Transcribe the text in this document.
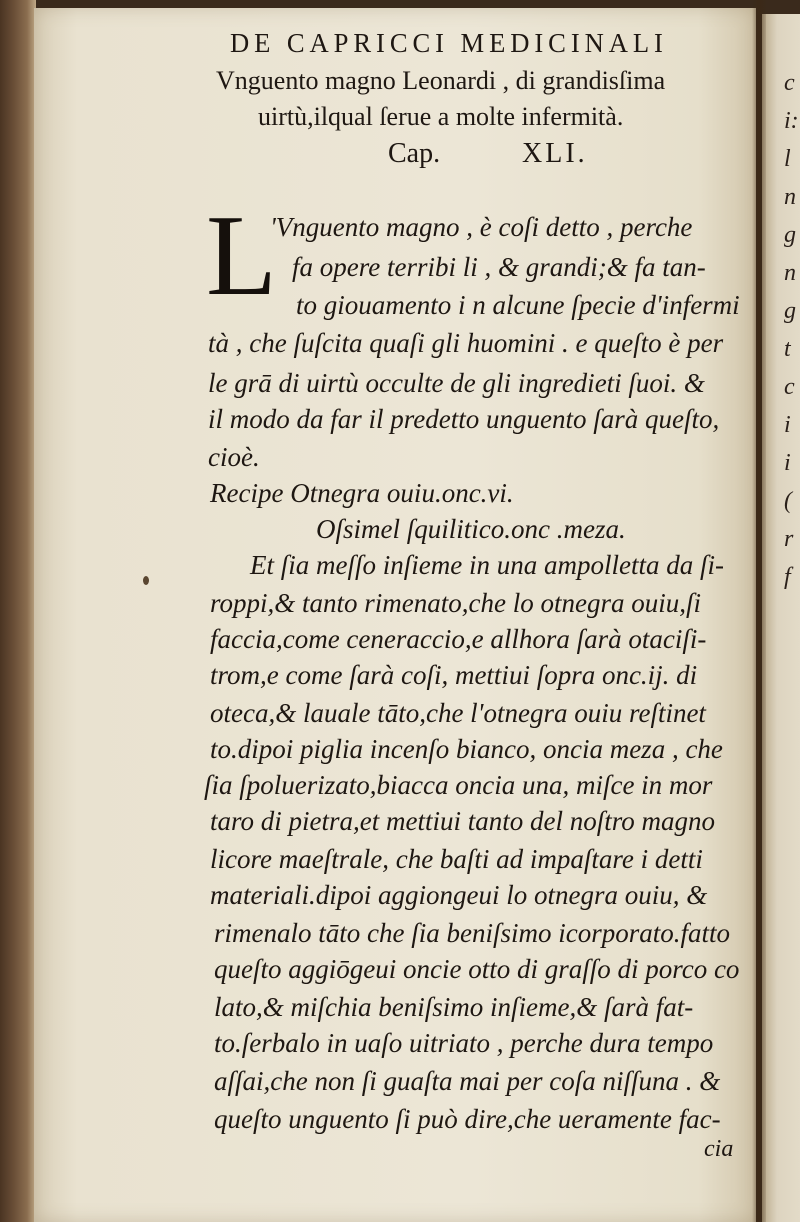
DE CAPRICCI MEDICINALI
Vnguento magno Leonardi , di grandisſima
uirtù,ilqual ſerue a molte infermità.
Cap.	XLI.
L
'Vnguento magno , è coſi detto , perche
fa opere terribi li , & grandi;& fa tan-
to giouamento i n alcune ſpecie d'infermi
tà , che ſuſcita quaſi gli huomini . e queſto è per
le grā di uirtù occulte de gli ingredieti ſuoi. &
il modo da far il predetto unguento ſarà queſto,
cioè.
Recipe Otnegra ouiu.onc.vi.
Oſsimel ſquilitico.onc .meza.
Et ſia meſſo inſieme in una ampolletta da ſi-
roppi,& tanto rimenato,che lo otnegra ouiu,ſi
faccia,come ceneraccio,e allhora ſarà otaciſi-
trom,e come ſarà coſi, mettiui ſopra onc.ij. di
oteca,& lauale tāto,che l'otnegra ouiu reſtinet
to.dipoi piglia incenſo bianco, oncia meza , che
ſia ſpoluerizato,biacca oncia una, miſce in mor
taro di pietra,et mettiui tanto del noſtro magno
licore maeſtrale, che baſti ad impaſtare i detti
materiali.dipoi aggiongeui lo otnegra ouiu, &
rimenalo tāto che ſia beniſsimo icorporato.fatto
queſto aggiōgeui oncie otto di graſſo di porco co
lato,& miſchia beniſsimo inſieme,& ſarà fat-
to.ſerbalo in uaſo uitriato , perche dura tempo
aſſai,che non ſi guaſta mai per coſa niſſuna . &
queſto unguento ſi può dire,che ueramente fac-
cia
c
i:
l
n
g
n
g
t
c
i
i
(
r
f
